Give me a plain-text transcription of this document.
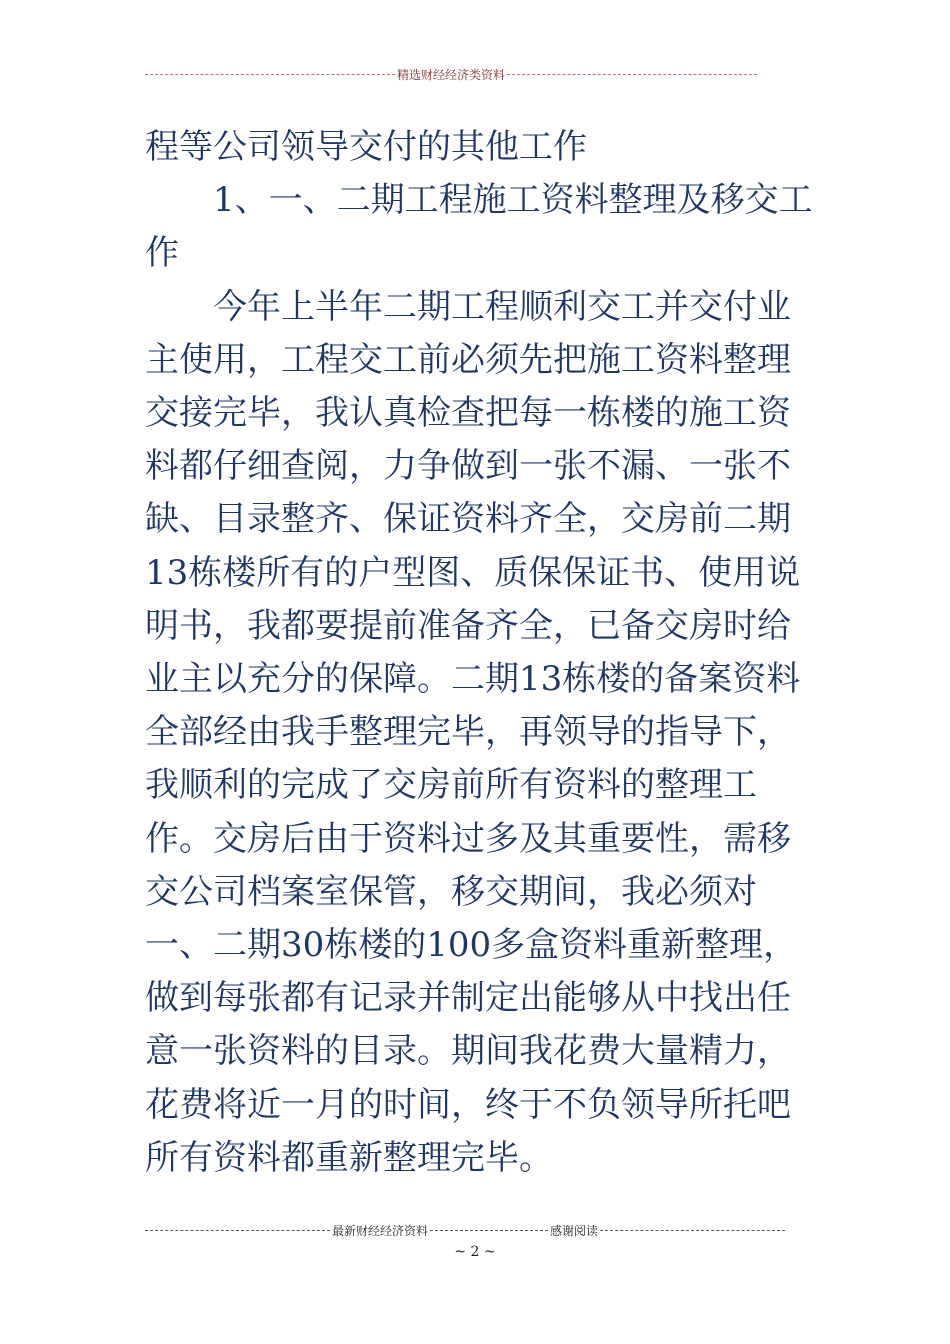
精选财经经济类资料

程等公司领导交付的其他工作

1、一、二期工程施工资料整理及移交工作

今年上半年二期工程顺利交工并交付业主使用，工程交工前必须先把施工资料整理交接完毕，我认真检查把每一栋楼的施工资料都仔细查阅，力争做到一张不漏、一张不缺、目录整齐、保证资料齐全，交房前二期13栋楼所有的户型图、质保保证书、使用说明书，我都要提前准备齐全，已备交房时给业主以充分的保障。二期13栋楼的备案资料全部经由我手整理完毕，再领导的指导下，我顺利的完成了交房前所有资料的整理工作。交房后由于资料过多及其重要性，需移交公司档案室保管，移交期间，我必须对一、二期30栋楼的100多盒资料重新整理，做到每张都有记录并制定出能够从中找出任意一张资料的目录。期间我花费大量精力，花费将近一月的时间，终于不负领导所托吧所有资料都重新整理完毕。

最新财经经济资料	感谢阅读
~ 2 ~
